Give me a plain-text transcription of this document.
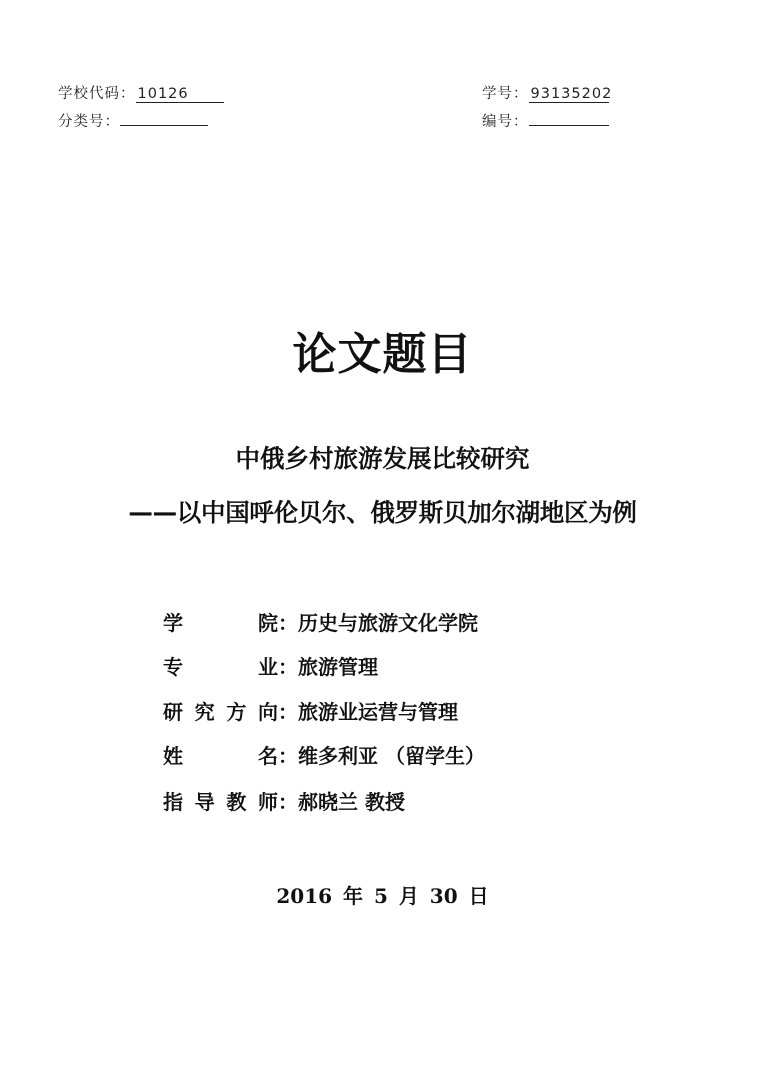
学校代码： 10126
分类号：
学号： 93135202
编号：
论文题目
中俄乡村旅游发展比较研究
——以中国呼伦贝尔、俄罗斯贝加尔湖地区为例
学院：历史与旅游文化学院
专业：旅游管理
研究方向：旅游业运营与管理
姓名：维多利亚 （留学生）
指导教师：郝晓兰 教授
2016 年 5 月 30 日
